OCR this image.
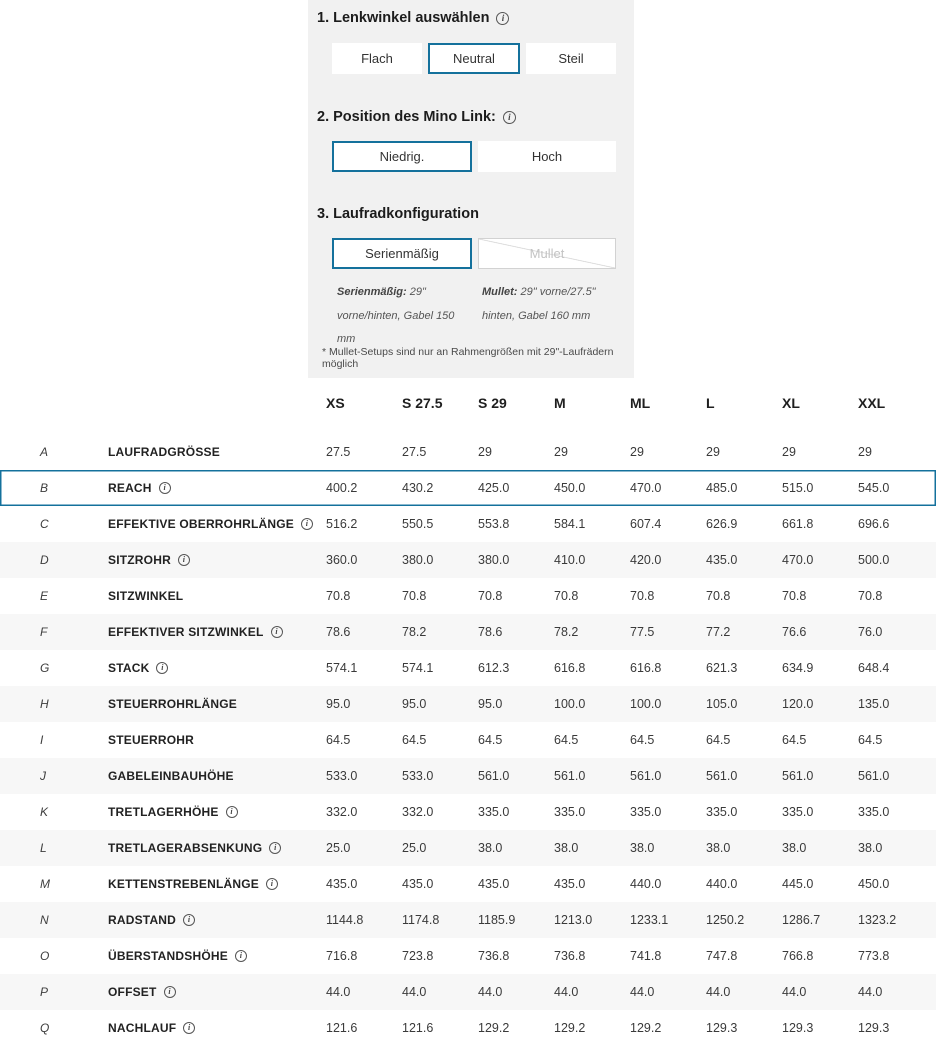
1. Lenkwinkel auswählen	i
Flach	Neutral	Steil
2. Position des Mino Link:	i
Niedrig.	Hoch
3. Laufradkonfiguration
Serienmäßig	Mullet
Serienmäßig: 29" vorne/hinten, Gabel 150 mm
Mullet: 29" vorne/27.5" hinten, Gabel 160 mm
* Mullet-Setups sind nur an Rahmengrößen mit 29"-Laufrädern möglich
XS	S 27.5	S 29	M	ML	L	XL	XXL
A	LAUFRADGRÖSSE	27.5	27.5	29	29	29	29	29	29
B	REACH	i	400.2	430.2	425.0	450.0	470.0	485.0	515.0	545.0
C	EFFEKTIVE OBERROHRLÄNGE	i	516.2	550.5	553.8	584.1	607.4	626.9	661.8	696.6
D	SITZROHR	i	360.0	380.0	380.0	410.0	420.0	435.0	470.0	500.0
E	SITZWINKEL	70.8	70.8	70.8	70.8	70.8	70.8	70.8	70.8
F	EFFEKTIVER SITZWINKEL	i	78.6	78.2	78.6	78.2	77.5	77.2	76.6	76.0
G	STACK	i	574.1	574.1	612.3	616.8	616.8	621.3	634.9	648.4
H	STEUERROHRLÄNGE	95.0	95.0	95.0	100.0	100.0	105.0	120.0	135.0
I	STEUERROHR	64.5	64.5	64.5	64.5	64.5	64.5	64.5	64.5
J	GABELEINBAUHÖHE	533.0	533.0	561.0	561.0	561.0	561.0	561.0	561.0
K	TRETLAGERHÖHE	i	332.0	332.0	335.0	335.0	335.0	335.0	335.0	335.0
L	TRETLAGERABSENKUNG	i	25.0	25.0	38.0	38.0	38.0	38.0	38.0	38.0
M	KETTENSTREBENLÄNGE	i	435.0	435.0	435.0	435.0	440.0	440.0	445.0	450.0
N	RADSTAND	i	1144.8	1174.8	1185.9	1213.0	1233.1	1250.2	1286.7	1323.2
O	ÜBERSTANDSHÖHE	i	716.8	723.8	736.8	736.8	741.8	747.8	766.8	773.8
P	OFFSET	i	44.0	44.0	44.0	44.0	44.0	44.0	44.0	44.0
Q	NACHLAUF	i	121.6	121.6	129.2	129.2	129.2	129.3	129.3	129.3
